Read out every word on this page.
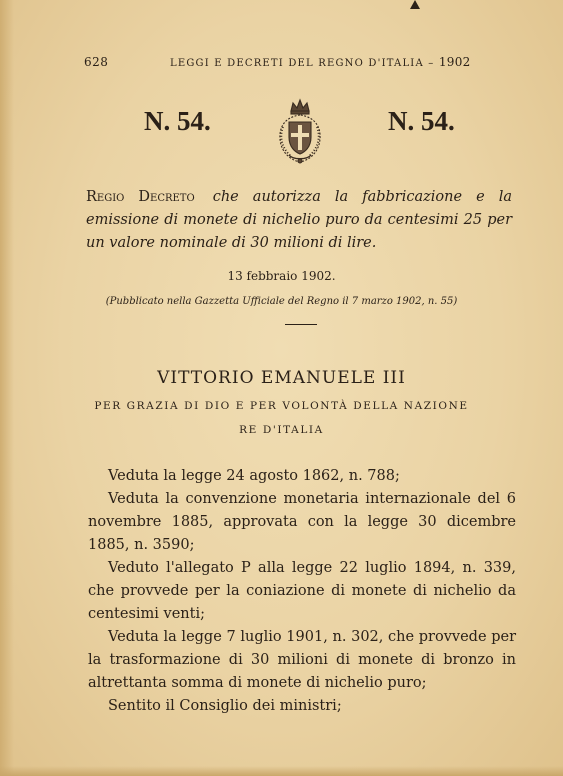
628	LEGGI E DECRETI DEL REGNO D'ITALIA – 1902
N. 54.	N. 54.
Regio Decreto che autorizza la fabbricazione e la emissione di monete di nichelio puro da centesimi 25 per un valore nominale di 30 milioni di lire.
13 febbraio 1902.
(Pubblicato nella Gazzetta Ufficiale del Regno il 7 marzo 1902, n. 55)
VITTORIO EMANUELE III
PER GRAZIA DI DIO E PER VOLONTÀ DELLA NAZIONE
RE D'ITALIA

Veduta la legge 24 agosto 1862, n. 788;

Veduta la convenzione monetaria internazionale del 6 novembre 1885, approvata con la legge 30 dicembre 1885, n. 3590;

Veduto l'allegato P alla legge 22 luglio 1894, n. 339, che provvede per la coniazione di monete di nichelio da centesimi venti;

Veduta la legge 7 luglio 1901, n. 302, che provvede per la trasformazione di 30 milioni di monete di bronzo in altrettanta somma di monete di nichelio puro;

Sentito il Consiglio dei ministri;
